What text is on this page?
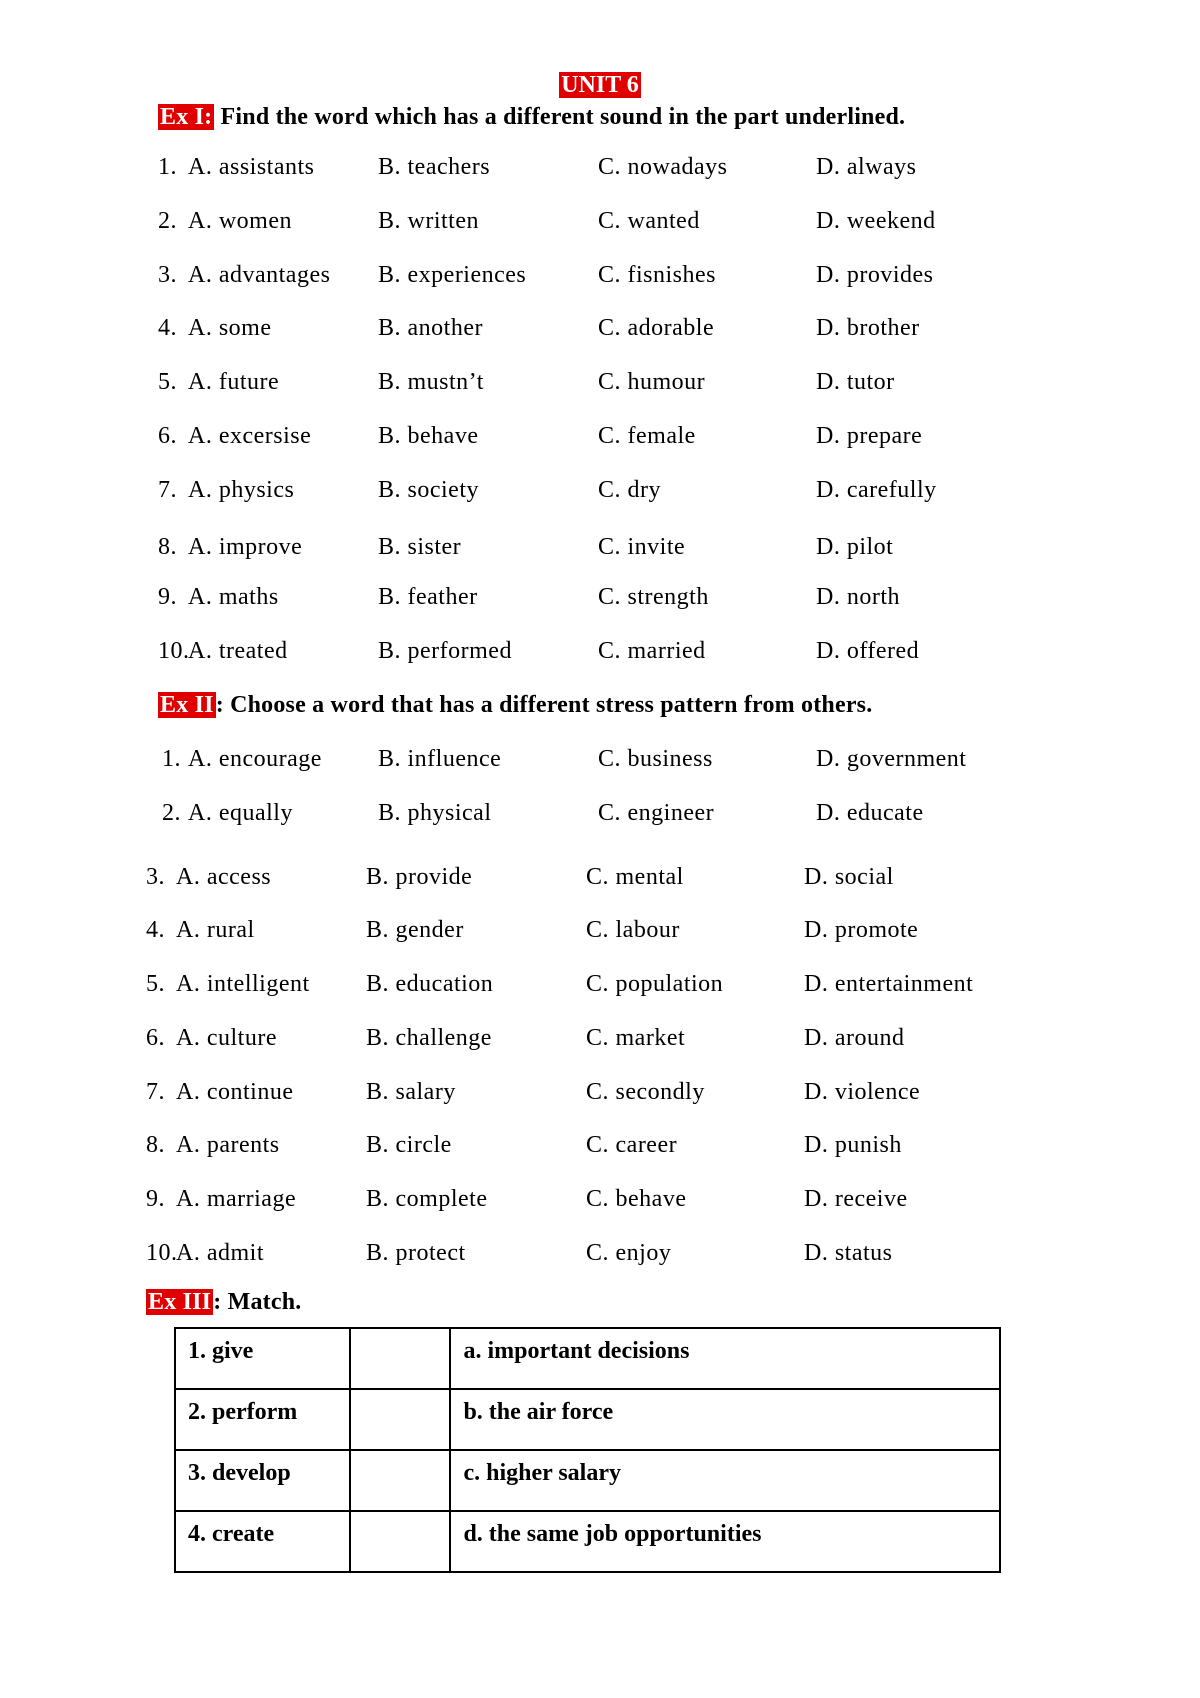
UNIT 6
Ex I: Find the word which has a different sound in the part underlined.
1. A. assistants	B. teachers	C. nowadays	D. always
2. A. women	B. written	C. wanted	D. weekend
3. A. advantages B. experiences	C. fisnishes	D. provides
4. A. some	B. another	C. adorable	D. brother
5. A. future	B. mustn’t	C. humour	D. tutor
6. A. excersise	B. behave	C. female	D. prepare
7. A. physics	B. society	C. dry	D. carefully
8. A. improve	B. sister	C. invite	D. pilot
9. A. maths	B. feather	C. strength	D. north
10.
A. treated	B. performed	C. married	D. offered
Ex II: Choose a word that has a different stress pattern from others.
1. A. encourage B. influence	C. business	D. government
2. A. equally	B. physical	C. engineer	D. educate
3. A. access	B. provide	C. mental	D. social
4. A. rural	B. gender	C. labour	D. promote
5. A. intelligent B. education	C. population	D. entertainment
6. A. culture	B. challenge	C. market	D. around
7. A. continue	B. salary	C. secondly	D. violence
8. A. parents	B. circle	C. career	D. punish
9. A. marriage	B. complete	C. behave	D. receive
10.
A. admit	B. protect	C. enjoy	D. status
Ex III: Match.
1. give		a. important decisions
2. perform		b. the air force
3. develop		c. higher salary
4. create		d. the same job opportunities
